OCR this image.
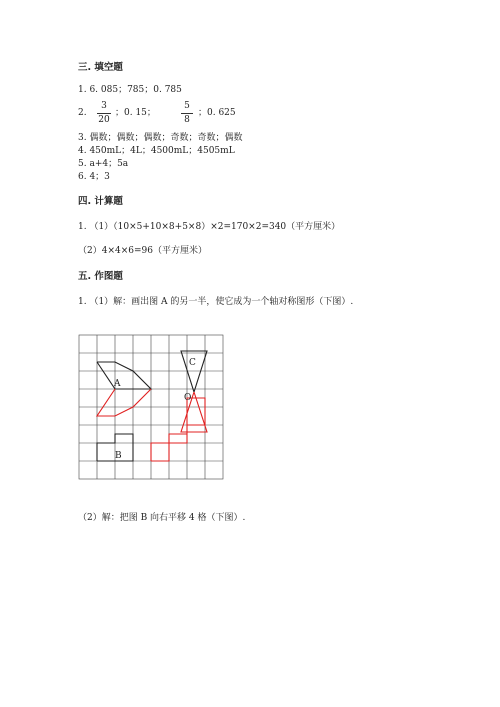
三. 填空题
1. 6. 085；785；0. 785
2.
3
20
；0. 15；
5
8
；0. 625
3. 偶数；偶数；偶数；奇数；奇数；偶数
4. 450mL；4L；4500mL；4505mL
5. a+4；5a
6. 4；3
四. 计算题
1. （1）（10×5+10×8+5×8）×2=170×2=340（平方厘米）
（2）4×4×6=96（平方厘米）
五. 作图题
1. （1）解：画出图 A 的另一半，使它成为一个轴对称图形（下图）.
A
B
C
O
（2）解：把图 B 向右平移 4 格（下图）.
